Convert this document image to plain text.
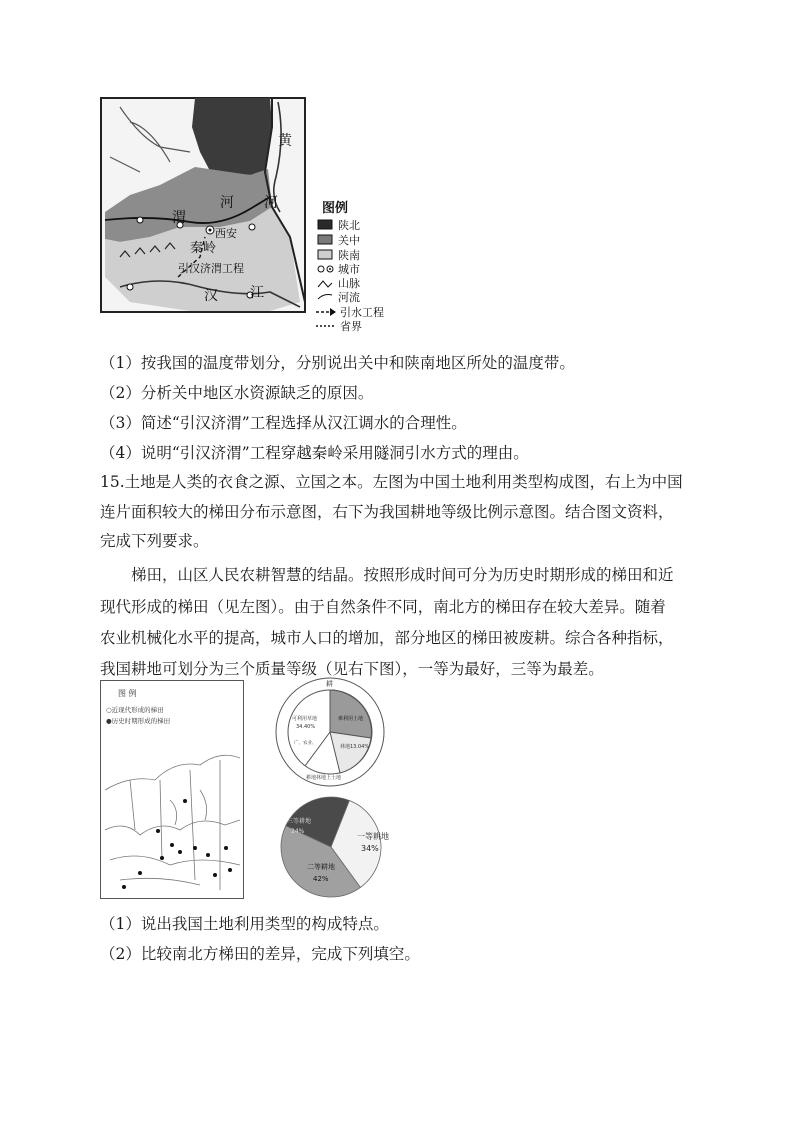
黄
河
河
渭
西安
秦岭
引汉济渭工程
汉 江
图例
陕北
关中
陕南
城市
山脉
河流
引水工程
省界
（1）按我国的温度带划分，分别说出关中和陕南地区所处的温度带。
（2）分析关中地区水资源缺乏的原因。
（3）简述“引汉济渭”工程选择从汉江调水的合理性。
（4）说明“引汉济渭”工程穿越秦岭采用隧洞引水方式的理由。
15.土地是人类的衣食之源、立国之本。左图为中国土地利用类型构成图，右上为中国
连片面积较大的梯田分布示意图，右下为我国耕地等级比例示意图。结合图文资料，
完成下列要求。
梯田，山区人民农耕智慧的结晶。按照形成时间可分为历史时期形成的梯田和近
现代形成的梯田（见左图）。由于自然条件不同，南北方的梯田存在较大差异。随着
农业机械化水平的提高，城市人口的增加，部分地区的梯田被废耕。综合各种指标，
我国耕地可划分为三个质量等级（见右下图），一等为最好，三等为最差。
图 例
○近现代形成的梯田
●历史时期形成的梯田
耕
可利用草地
34.40%
难利用土地
林地13.04%
广、农业、
耕地林地上土地
一等耕地
34%
二等耕地
42%
三等耕地
24%
（1）说出我国土地利用类型的构成特点。
（2）比较南北方梯田的差异，完成下列填空。
